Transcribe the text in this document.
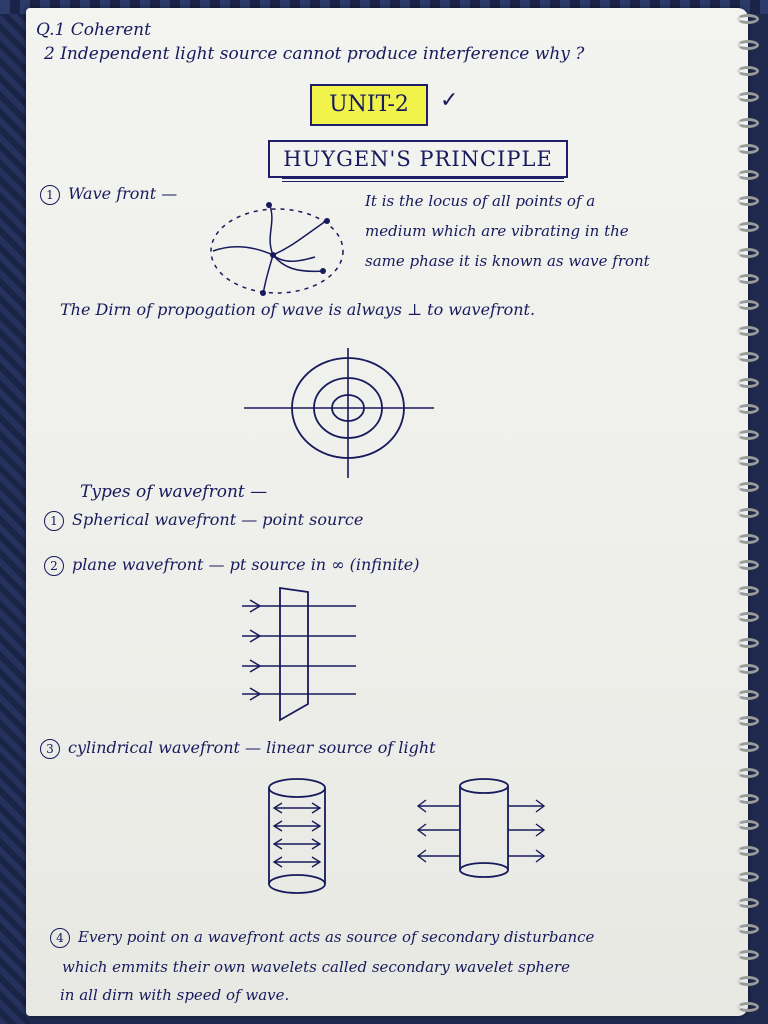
Q.1 Coherent

2 Independent light source cannot produce interference why ?

UNIT-2	✓
HUYGEN'S PRINCIPLE

1 Wave front —	It is the locus of all points of a

medium which are vibrating in the

same phase it is known as wave front

The Dirn of propogation of wave is always ⊥ to wavefront.

Types of wavefront —

1 Spherical wavefront — point source

2 plane wavefront — pt source in ∞ (infinite)

3 cylindrical wavefront — linear source of light

4 Every point on a wavefront acts as source of secondary disturbance

which emmits their own wavelets called secondary wavelet sphere

in all dirn with speed of wave.
